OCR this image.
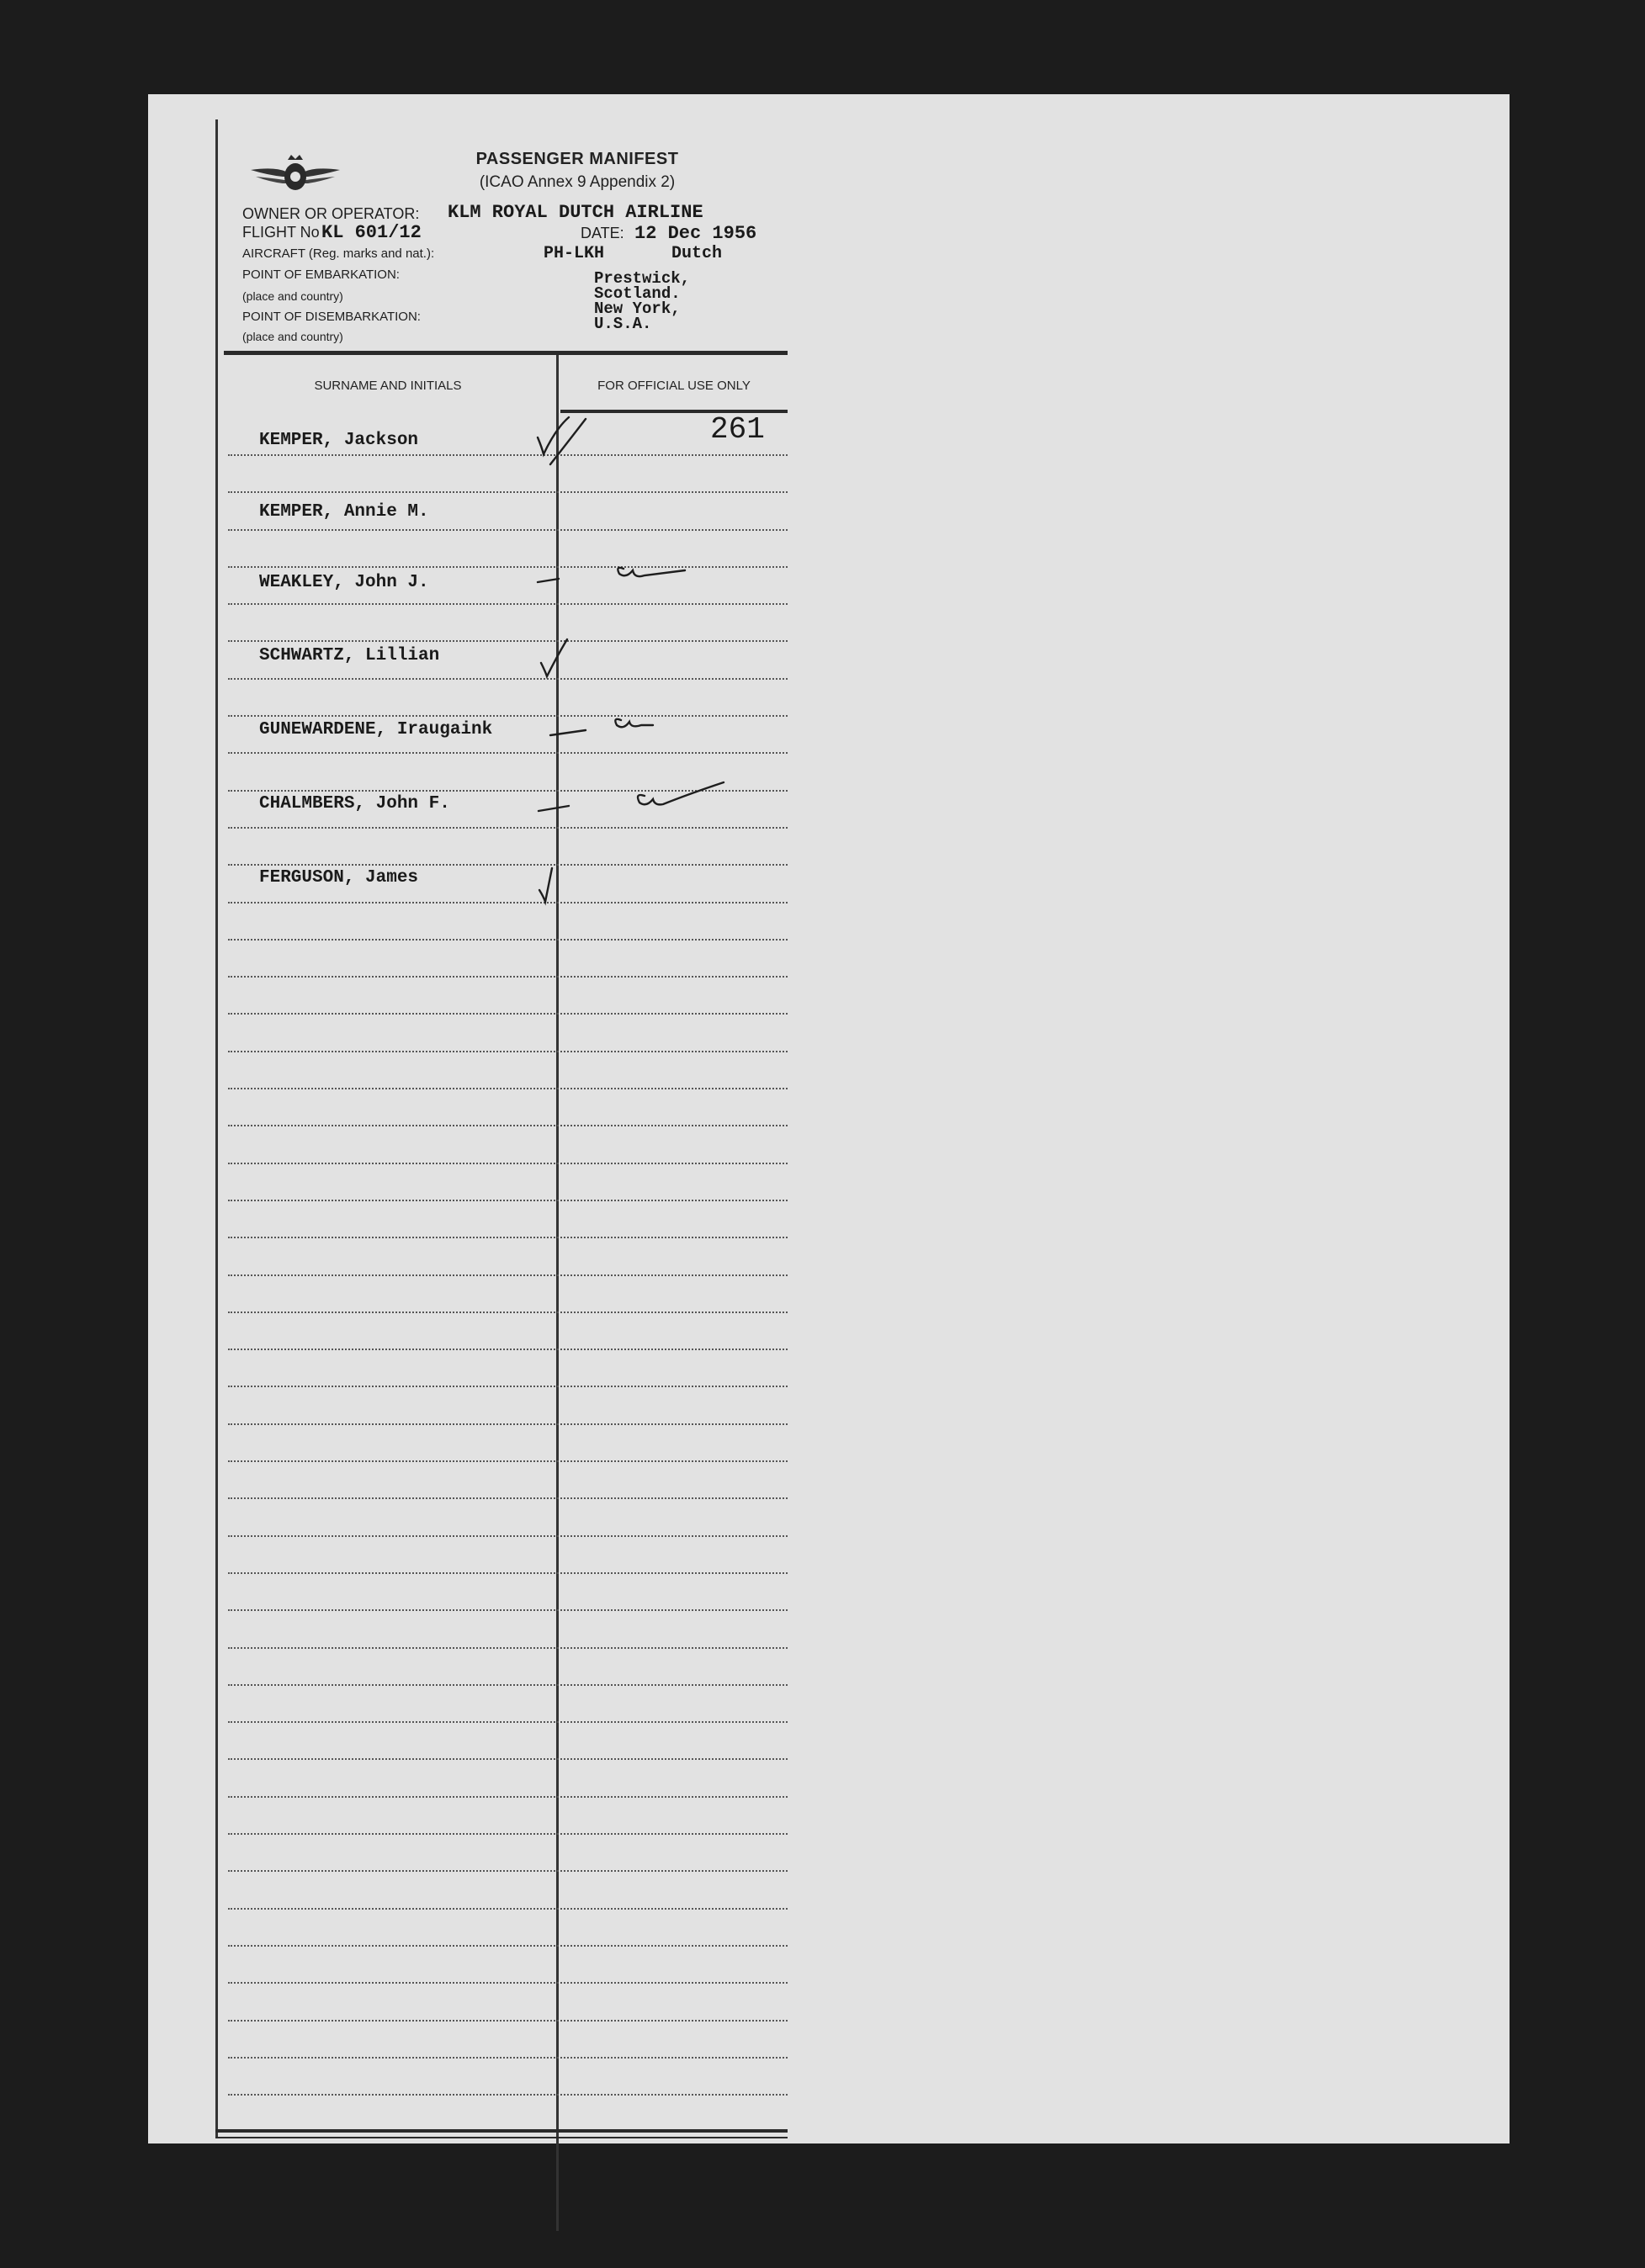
PASSENGER MANIFEST
(ICAO Annex 9 Appendix 2)
OWNER OR OPERATOR: KLM ROYAL DUTCH AIRLINE
FLIGHT No KL 601/12	DATE: 12 Dec 1956
AIRCRAFT (Reg. marks and nat.):	PH-LKH	Dutch
POINT OF EMBARKATION:
(place and country)
Prestwick,
Scotland.
POINT OF DISEMBARKATION:
(place and country)
New York,
U.S.A.
SURNAME AND INITIALS	FOR OFFICIAL USE ONLY
261
KEMPER, Jackson
KEMPER, Annie M.
WEAKLEY, John J.
SCHWARTZ, Lillian
GUNEWARDENE, Iraugaink
CHALMBERS, John F.
FERGUSON, James
